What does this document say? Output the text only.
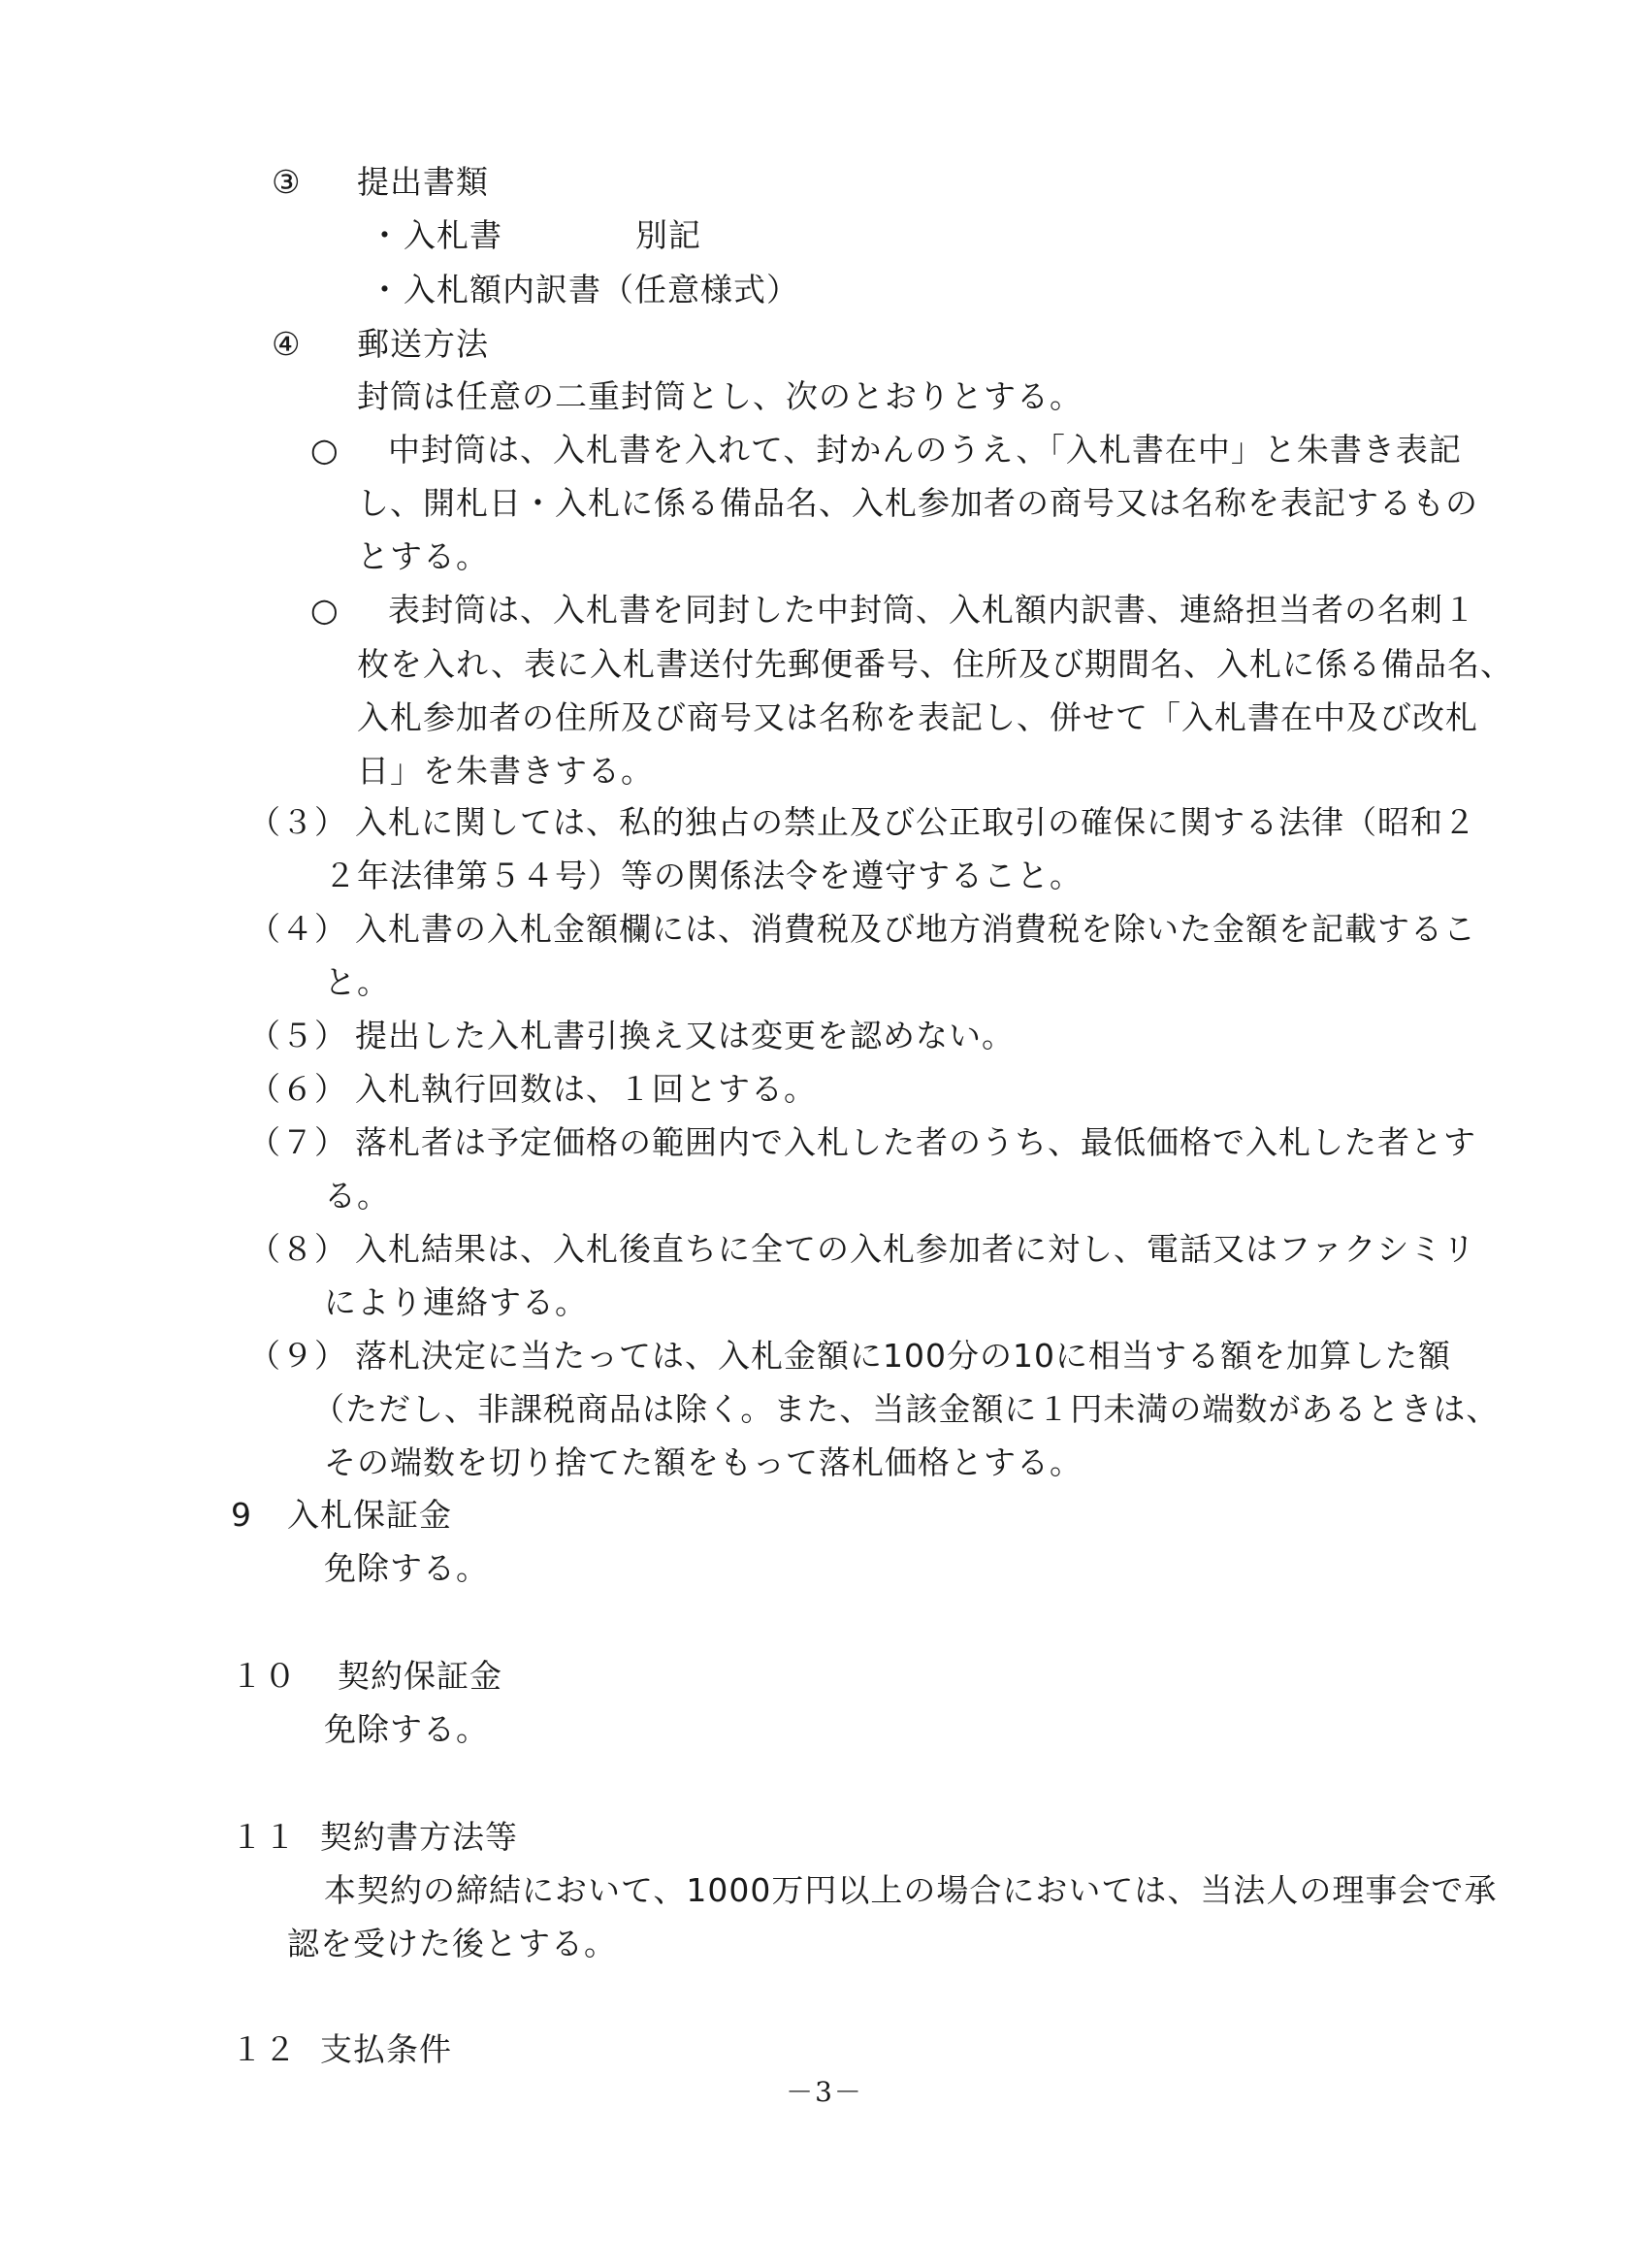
③ 提出書類
・ 入札書	別記
・ 入札額内訳書（任意様式）
④ 郵送方法
封筒は任意の二重封筒とし、次のとおりとする。
○ 中封筒は、入札書を入れて、封かんのうえ、「入札書在中」と朱書き表記
し、開札日・入札に係る備品名、入札参加者の商号又は名称を表記するもの
とする。
○ 表封筒は、入札書を同封した中封筒、入札額内訳書、連絡担当者の名刺１
枚を入れ、表に入札書送付先郵便番号、住所及び期間名、入札に係る備品名、
入札参加者の住所及び商号又は名称を表記し、併せて「入札書在中及び改札
日」を朱書きする。
（３） 入札に関しては、私的独占の禁止及び公正取引の確保に関する法律（昭和２
２年法律第５４号）等の関係法令を遵守すること。
（４） 入札書の入札金額欄には、消費税及び地方消費税を除いた金額を記載するこ
と。
（５） 提出した入札書引換え又は変更を認めない。
（６） 入札執行回数は、１回とする。
（７） 落札者は予定価格の範囲内で入札した者のうち、最低価格で入札した者とす
る。
（８） 入札結果は、入札後直ちに全ての入札参加者に対し、電話又はファクシミリ
により連絡する。
（９） 落札決定に当たっては、入札金額に100分の10に相当する額を加算した額
（ただし、非課税商品は除く。また、当該金額に１円未満の端数があるときは、
その端数を切り捨てた額をもって落札価格とする。
9 入札保証金
免除する。
１０ 契約保証金
免除する。
１１ 契約書方法等
本契約の締結において、1000万円以上の場合においては、当法人の理事会で承
認を受けた後とする。
１２ 支払条件
－3－
